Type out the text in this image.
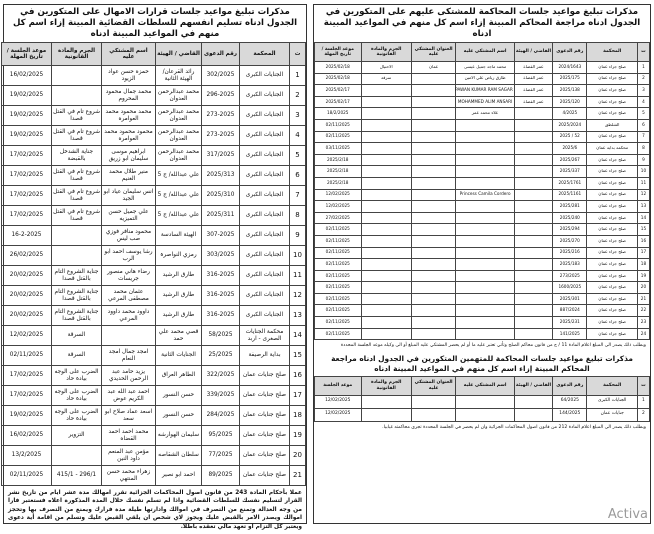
مذكرات تبليغ مواعيد جلسات قرارات الامهال على المتكورين في الجدول ادناه تسليم انفسهم للسلطات القضائية المبينة إزاء اسم كل منهم في المواعيد المبينة ادناه
ت	المحكمة	رقم الدعوى	القاضي / الهيئة	اسم المشتكي عليه	الجرم والمادة القانونية	موعد الجلسة / تاريخ المهلة
1	الجنايات الكبرى	302/2025	رائد القرعان/الهيئة الثانية	حمزه حسن عواد الزيود		16/02/2025
2	الجنايات الكبرى	296-2025	محمد عبدالرحمن العدوان	محمد جمال محمود المحروم		19/02/2025
3	الجنايات الكبرى	273-2025	محمد عبدالرحمن العدوان	محمد محمود محمد العوامره	شروع تام في القتل قصدا	19/02/2025
4	الجنايات الكبرى	273-2025	محمد عبدالرحمن العدوان	محمود محمود محمد العوامره	شروع تام في القتل قصدا	19/02/2025
5	الجنايات الكبرى	317/2025	محمد عبدالرحمن العدوان	ابراهيم موسى سليمان ابو زريق	جناية الشدخل بالقبضة	17/02/2025
6	الجنايات الكبرى	2025/313	علي عبدالله/ ج 5	منير طلال محمد الغنيم	شروع تام في القتل قصدا	17/02/2025
7	الجنايات الكبرى	2025/310	علي عبدالله/ ج 5	انس سليمان عياد ابو الجيد	شروع تام في القتل قصدا	17/02/2025
8	الجنايات الكبرى	2025/311	علي عبدالله/ ج 5	علي جميل حسن التميزيه	شروع تام في القتل قصدا	17/02/2025
9	الجنايات الكبرى	307-2025	الهيئة السادسة	محمود منافر فوزي صب ليس		16-2-2025
10	الجنايات الكبرى	303/2025	رمزي النواصرة	رشا يوسف احمد ابو الرب		26/02/2025
11	الجنايات الكبرى	316-2025	طارق الرشيد	رضاء هاني منصور جريسات	جناية الشروع التام بالقتل قصدا	20/02/2025
12	الجنايات الكبرى	316-2025	طارق الرشيد	عثمان محمد مصطفى المرعي	جناية الشروع التام بالقتل قصدا	20/02/2025
13	الجنايات الكبرى	316-2025	طارق الرشيد	داوود محمد داوود المرعي	جناية الشروع التام بالقتل قصدا	20/02/2025
14	محكمة الجنايات الصغرى - اربد	58/2025	قصي محمد علي حمد		السرقة	12/02/2025
15	بداية الرصيفة	25/2025	الجنايات الثانية	امجد جمال امجد النعام	السرقة	02/11/2025
16	صلح جنايات عمان	322/2025	الطاهر العراق	يزيد حامد عبد الرحمن الحديدي	الضرب على الوجه بيادة حاد	17/02/2025
17	صلح جنايات عمان	339/2025	حسن النسور	احمد عبد الله عبد الكريم عوض	الضرب على الوجه بيادة حاد	17/02/2025
18	صلح جنايات عمان	284/2025	حسن النسور	اسعد عماد صلاح ابو سعد	الضرب على الوجه بيادة حاد	19/02/2025
19	صلح جنايات عمان	95/2025	سليمان الهوارشه	محمد احمد احمد القضاه	التزوير	16/02/2025
20	صلح جنايات عمان	77/2025	سلطان الشقاصه	مؤمن عبد المنعم داود النين		13/2/2025
21	صلح جنايات عمان	89/2025	احمد ابو نصير	زهراء محمد حسن المنتهي	296/1 - 415/1	02/11/2025
عملا بأحكام المادة 243 من قانون اصول المحاكمات الجزائية تقرر امهالك مدة عشر ايام من تاريخ نشر القرار لتسليم نفسك للسلطات القضائية واذا لم تسلم نفسك خلال المدة المذكورة اعلاه فستعتبر فارا من وجه العدالة وتمنع من التصرف في اموالك وادارتها طيلة مدة فرارك ويمنع من التصرف بها وتحجز اموالك ويصدر الامر بالقبض عليك ويجوز لاي شخص ان يلقي القبض عليك وتسلم من اقامة أية دعوى ويعتبر كل التزام او تعهد مالي تعقده باطلا.
مذكرات تبليغ مواعيد جلسات المحاكمة للمشتكى عليهم على المتكورين في الجدول ادناه مراجعة المحاكم المبينة إزاء اسم كل منهم في المواعيد المبينة ادناه
ت	المحكمة	رقم الدعوى	القاضي / الهيئة	اسم المشتكي عليه	العنوان المشتكي عليه	الجرم والمادة القانونية	موعد الجلسة / تاريخ المهلة
1	صلح جزاء عمان	2024/1643	عمر القضاة	محمد ماجد جميل عيسى	عمان	الاحتيال	2025/02/18
2	صلح جزاء عمان	2025/175	عمر القضاة	طارق رياض علي الامين		سرقة	2025/02/18
3	صلح جزاء عمان	2025/138	عمر القضاة	PAWAN KUMAR RAM SAGAR			2025/02/17
4	صلح جزاء عمان	2025/120	عمر القضاة	MOHAMMED ALIM ANSARI			2025/02/17
5	صلح جزاء عمان	4/2025		علاء محمد عمر			18/2/2025
6	الشلطق	2025/2024					02/11/2025
7	صلح جزاء عمان	52 / 2025					02/11/2025
8	محكمة بداية عمان	2025/6					03/11/2025
9	صلح جزاء عمان	2025/267					2025/2/18
10	صلح جزاء عمان	2025/337					2025/2/18
11	صلح جزاء عمان	2025/1761					2025/2/18
12	صلح جزاء عمان	2025/1161		Princess Camila Cordero			12/02/2025
13	صلح جزاء عمان	2025/281					12/02/2025
14	صلح جزاء عمان	2025/240					27/02/2025
15	صلح جزاء عمان	2025/294					02/11/2025
16	صلح جزاء عمان	2025/270					02/11/2025
17	صلح جزاء عمان	2025/216					02/11/2025
18	صلح جزاء عمان	2025/183					02/11/2025
19	صلح جزاء عمان	273/2025					02/11/2025
20	صلح جزاء عمان	1600/2025					02/11/2025
21	صلح جزاء عمان	2025/301					02/11/2025
22	صلح جزاء عمان	887/2024					02/11/2025
23	صلح جزاء عمان	2025/231					02/11/2025
24	صلح جزاء عمان	141/2025					02/11/2025
وبطلب ذلك يصدر الى المبلغ اعلام المادة 11 / ج من قانون محاكم الصلح وتأتي تعتبر عليه ما أو لم يحضر المشتكي عليه المبلغ أو الى وكيله موعد الجلسة المحددة
مذكرات تبليغ مواعيد جلسات المحاكمة للمتهمين المتكورين في الجدول ادناه مراجعة المحاكم المبينة إزاء اسم كل منهم في المواعيد المبينة ادناه
ت	المحكمة	رقم الدعوى	القاضي / الهيئة	اسم المشتكي عليه	العنوان المشتكي عليه	الجرم والمادة القانونية	موعد الجلسة
1	الجنايات الكبرى	64/2025					12/02/2025
2	جنايات عمان	144/2025					12/02/2025
وبطلب ذلك يصدر الى المبلغ اعلام المادة 212 من قانون اصول المحاكمات الجزائية وان لم يحضر في الجلسة المحددة تجرى محاكمته غيابيا.
Activa
